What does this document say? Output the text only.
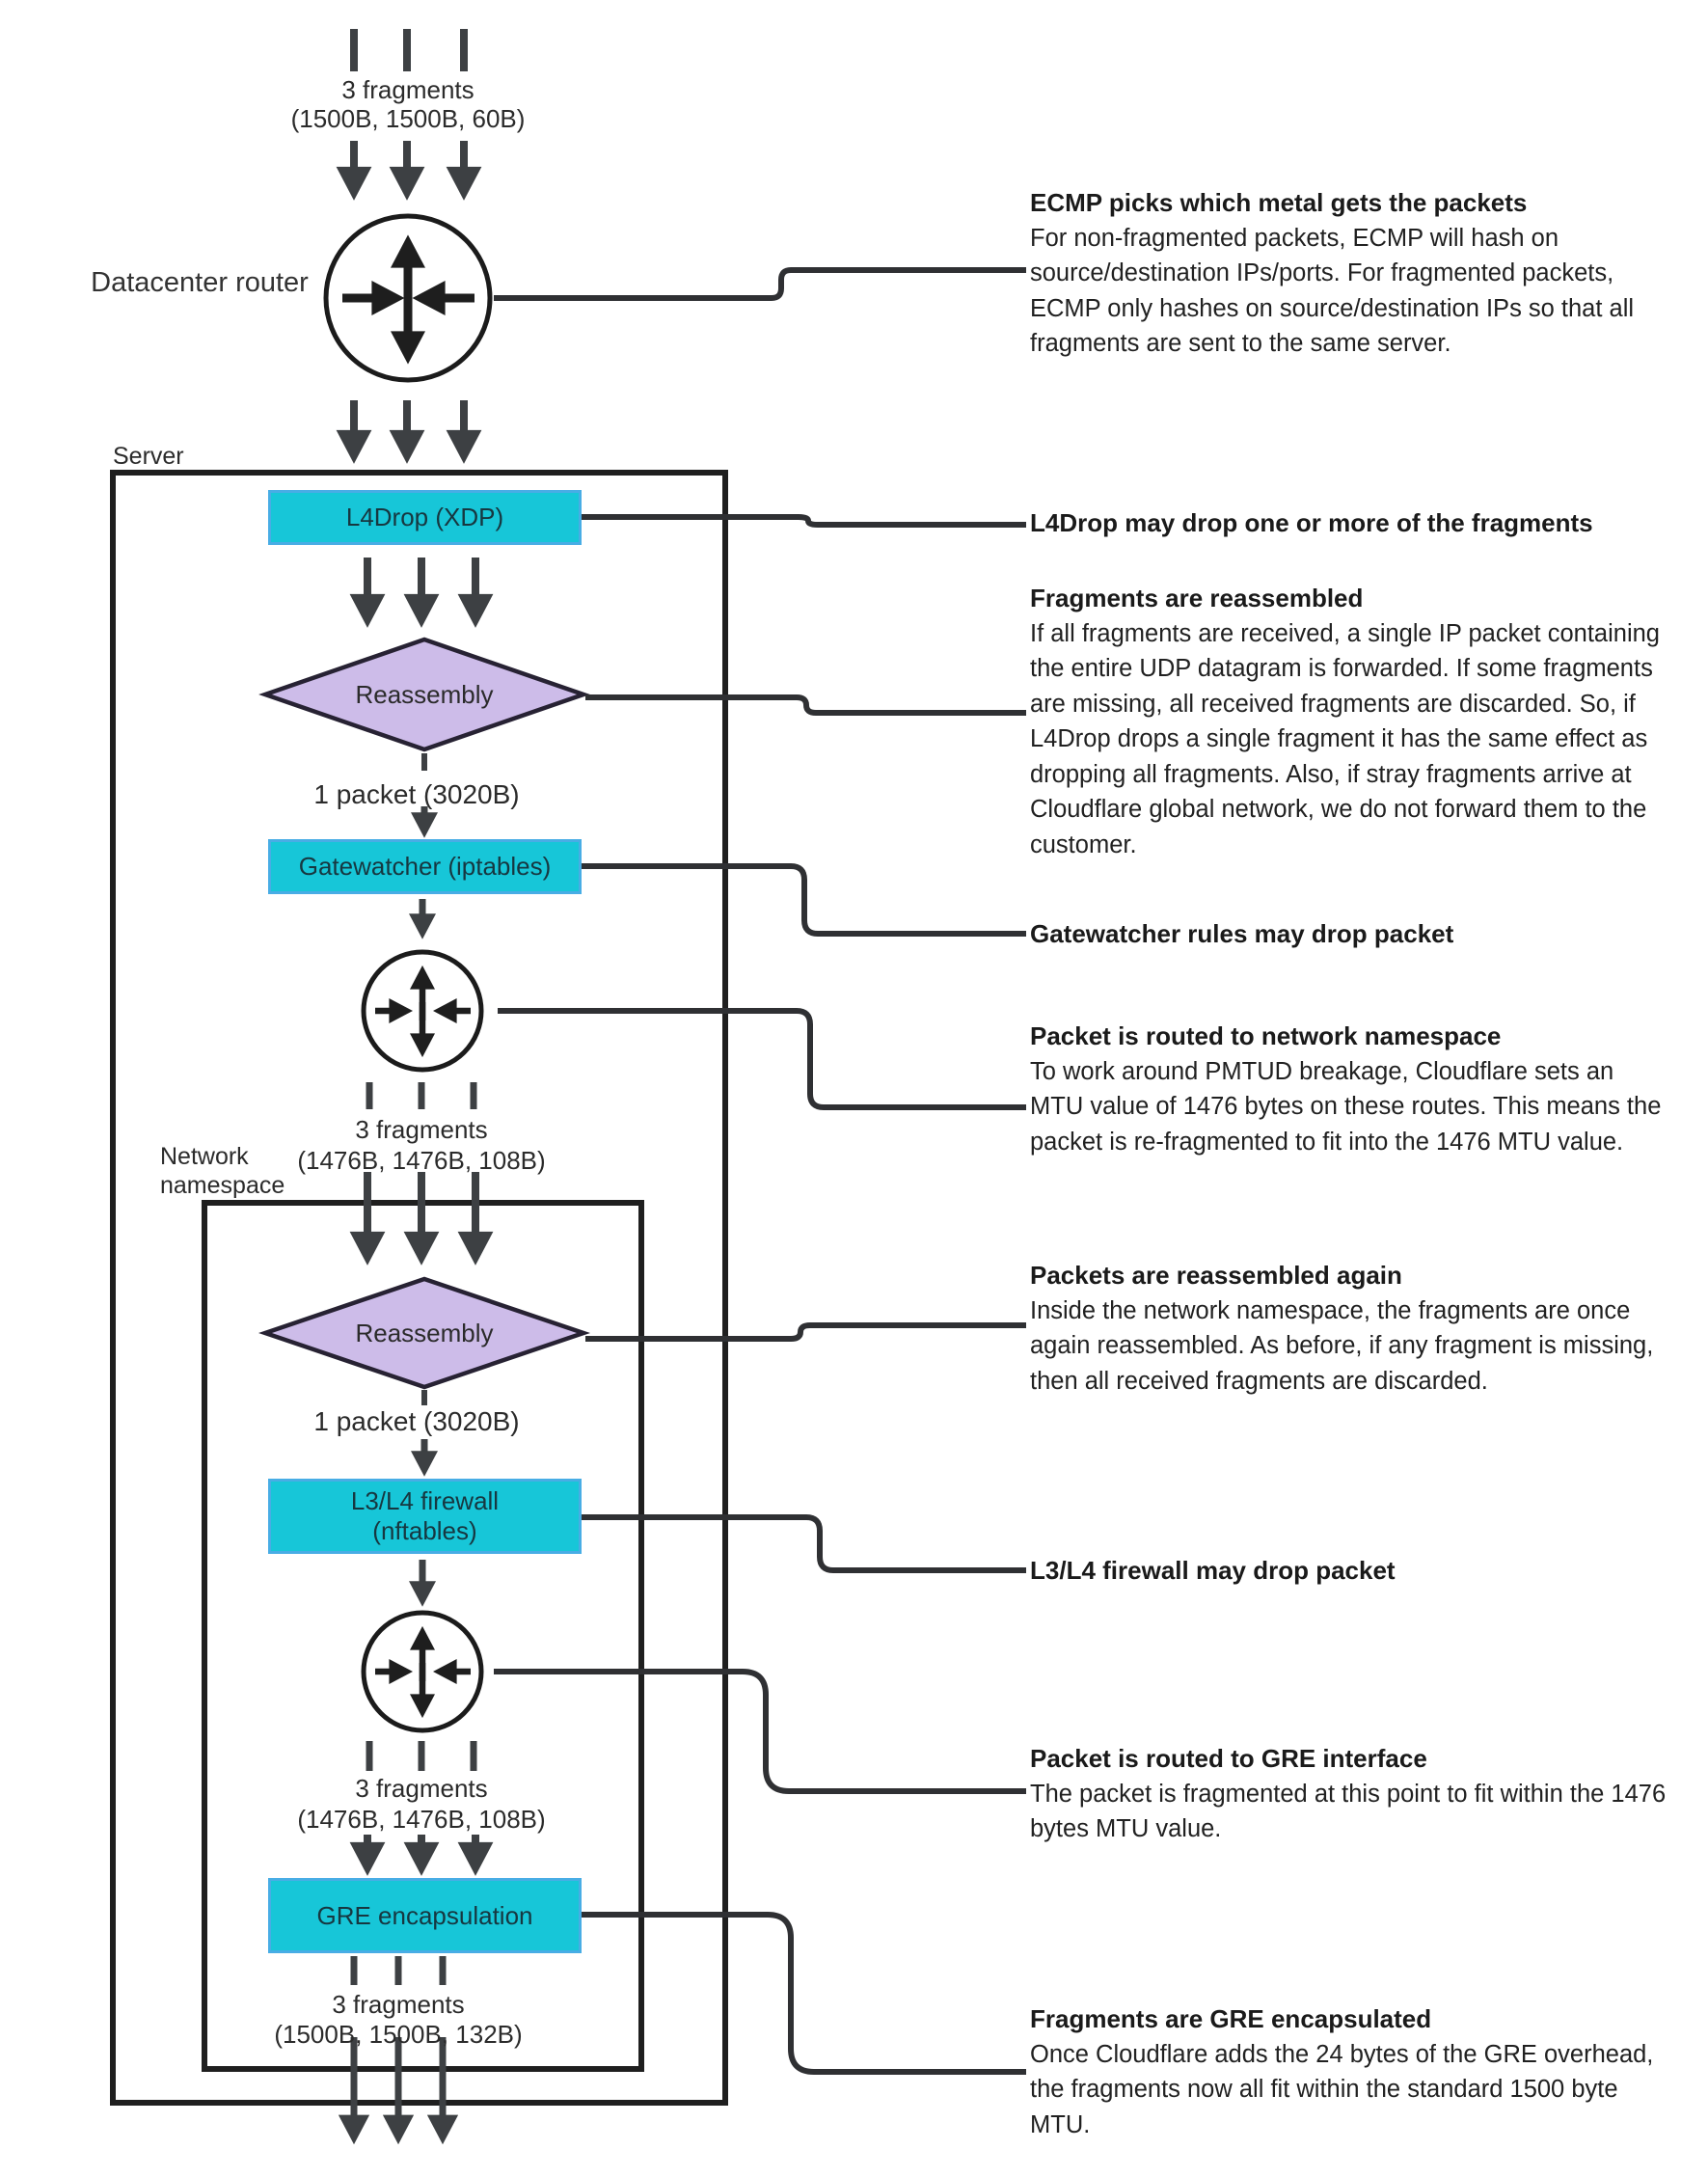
3 fragments
(1500B, 1500B, 60B)
Datacenter router
Server
L4Drop (XDP)
Reassembly
1 packet (3020B)
Gatewatcher (iptables)
3 fragments
(1476B, 1476B, 108B)
Network namespace
Reassembly
1 packet (3020B)
L3/L4 firewall
(nftables)
3 fragments
(1476B, 1476B, 108B)
GRE encapsulation
3 fragments
(1500B, 1500B, 132B)
ECMP picks which metal gets the packets

For non-fragmented packets, ECMP will hash on source/destination IPs/ports. For fragmented packets, ECMP only hashes on source/destination IPs so that all fragments are sent to the same server.

L4Drop may drop one or more of the fragments
Fragments are reassembled

If all fragments are received, a single IP packet containing the entire UDP datagram is forwarded. If some fragments are missing, all received fragments are discarded. So, if L4Drop drops a single fragment it has the same effect as dropping all fragments. Also, if stray fragments arrive at Cloudflare global network, we do not forward them to the customer.

Gatewatcher rules may drop packet
Packet is routed to network namespace

To work around PMTUD breakage, Cloudflare sets an MTU value of 1476 bytes on these routes. This means the packet is re-fragmented to fit into the 1476 MTU value.

Packets are reassembled again

Inside the network namespace, the fragments are once again reassembled. As before, if any fragment is missing, then all received fragments are discarded.

L3/L4 firewall may drop packet
Packet is routed to GRE interface

The packet is fragmented at this point to fit within the 1476 bytes MTU value.

Fragments are GRE encapsulated

Once Cloudflare adds the 24 bytes of the GRE overhead, the fragments now all fit within the standard 1500 byte MTU.
